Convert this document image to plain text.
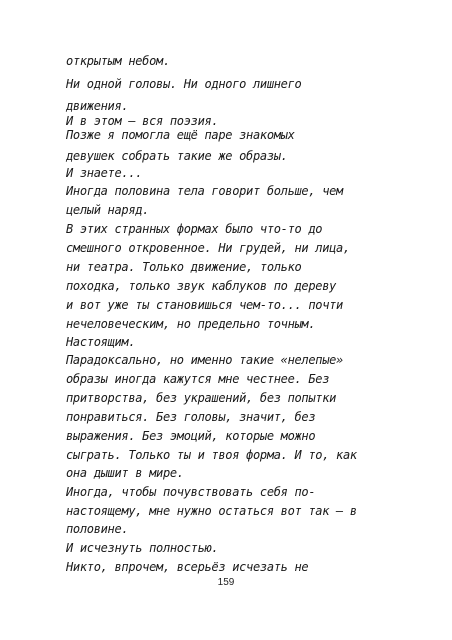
открытым небом.
Ни одной головы. Ни одного лишнего
движения.
И в этом — вся поэзия.
Позже я помогла ещё паре знакомых
девушек собрать такие же образы.
И знаете...
Иногда половина тела говорит больше, чем
целый наряд.
В этих странных формах было что-то до
смешного откровенное. Ни грудей, ни лица,
ни театра. Только движение, только
походка, только звук каблуков по дереву
и вот уже ты становишься чем-то... почти
нечеловеческим, но предельно точным.
Настоящим.
Парадоксально, но именно такие «нелепые»
образы иногда кажутся мне честнее. Без
притворства, без украшений, без попытки
понравиться. Без головы, значит, без
выражения. Без эмоций, которые можно
сыграть. Только ты и твоя форма. И то, как
она дышит в мире.
Иногда, чтобы почувствовать себя по-
настоящему, мне нужно остаться вот так — в
половине.
И исчезнуть полностью.
Никто, впрочем, всерьёз исчезать не
159
